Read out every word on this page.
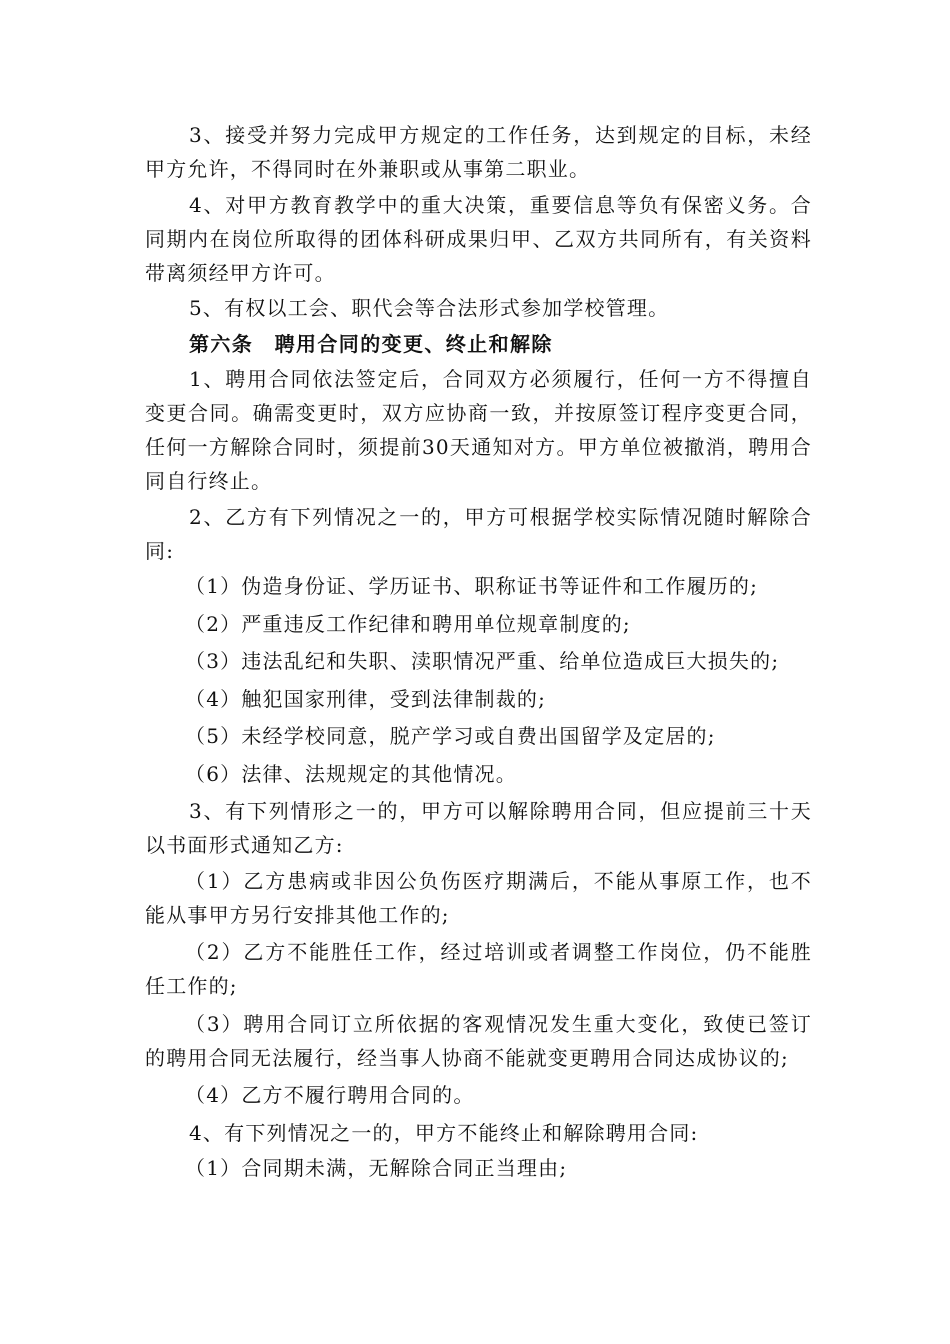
3、接受并努力完成甲方规定的工作任务，达到规定的目标，未经甲方允许，不得同时在外兼职或从事第二职业。

4、对甲方教育教学中的重大决策，重要信息等负有保密义务。合同期内在岗位所取得的团体科研成果归甲、乙双方共同所有，有关资料带离须经甲方许可。

5、有权以工会、职代会等合法形式参加学校管理。

第六条　聘用合同的变更、终止和解除

1、聘用合同依法签定后，合同双方必须履行，任何一方不得擅自变更合同。确需变更时，双方应协商一致，并按原签订程序变更合同，任何一方解除合同时，须提前30天通知对方。甲方单位被撤消，聘用合同自行终止。

2、乙方有下列情况之一的，甲方可根据学校实际情况随时解除合同:

（1）伪造身份证、学历证书、职称证书等证件和工作履历的;

（2）严重违反工作纪律和聘用单位规章制度的;

（3）违法乱纪和失职、渎职情况严重、给单位造成巨大损失的;

（4）触犯国家刑律，受到法律制裁的;

（5）未经学校同意，脱产学习或自费出国留学及定居的;

（6）法律、法规规定的其他情况。

3、有下列情形之一的，甲方可以解除聘用合同，但应提前三十天以书面形式通知乙方:

（1）乙方患病或非因公负伤医疗期满后，不能从事原工作，也不能从事甲方另行安排其他工作的;

（2）乙方不能胜任工作，经过培训或者调整工作岗位，仍不能胜任工作的;

（3）聘用合同订立所依据的客观情况发生重大变化，致使已签订的聘用合同无法履行，经当事人协商不能就变更聘用合同达成协议的;

（4）乙方不履行聘用合同的。

4、有下列情况之一的，甲方不能终止和解除聘用合同:

（1）合同期未满，无解除合同正当理由;
